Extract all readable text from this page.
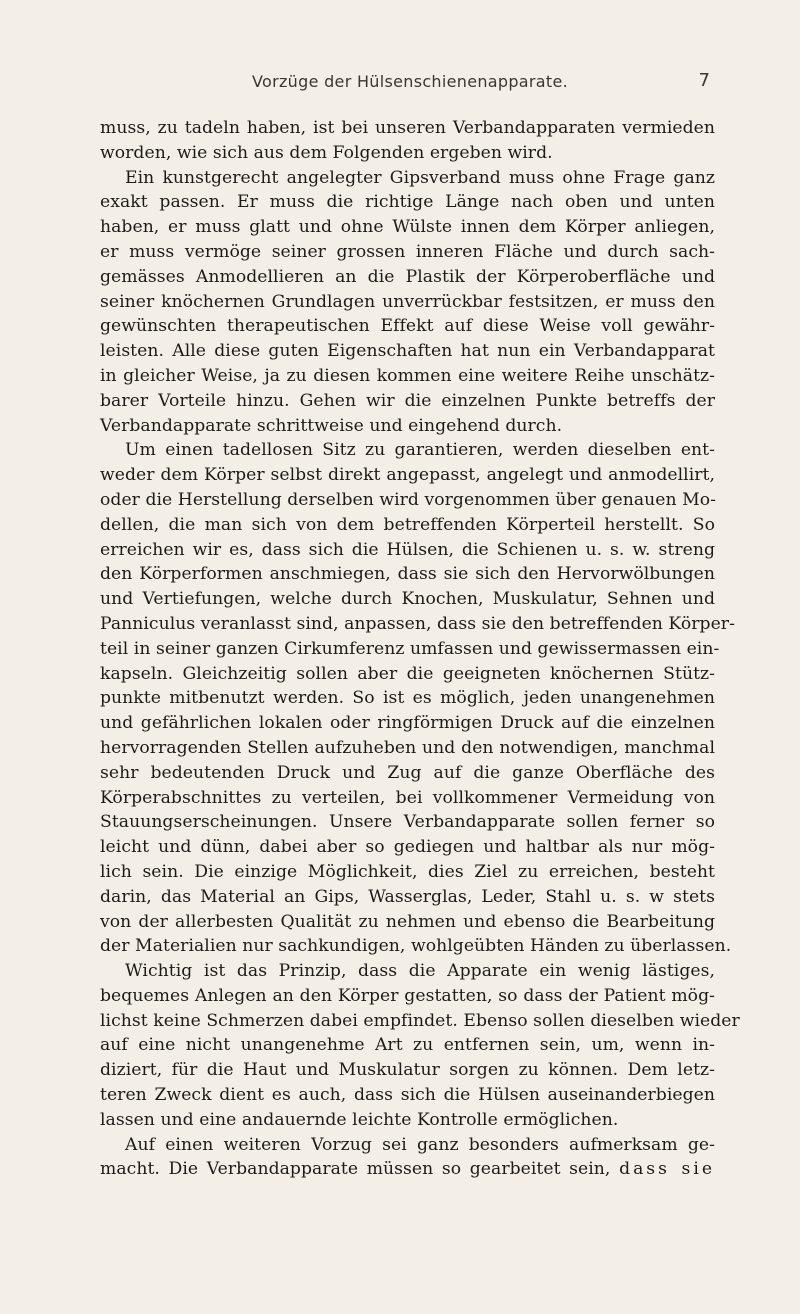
Vorzüge der Hülsenschienenapparate.	7
muss, zu tadeln haben, ist bei unseren Verbandapparaten vermieden
worden, wie sich aus dem Folgenden ergeben wird.
Ein kunstgerecht angelegter Gipsverband muss ohne Frage ganz
exakt passen. Er muss die richtige Länge nach oben und unten
haben, er muss glatt und ohne Wülste innen dem Körper anliegen,
er muss vermöge seiner grossen inneren Fläche und durch sach-
gemässes Anmodellieren an die Plastik der Körperoberfläche und
seiner knöchernen Grundlagen unverrückbar festsitzen, er muss den
gewünschten therapeutischen Effekt auf diese Weise voll gewähr-
leisten. Alle diese guten Eigenschaften hat nun ein Verbandapparat
in gleicher Weise, ja zu diesen kommen eine weitere Reihe unschätz-
barer Vorteile hinzu. Gehen wir die einzelnen Punkte betreffs der
Verbandapparate schrittweise und eingehend durch.
Um einen tadellosen Sitz zu garantieren, werden dieselben ent-
weder dem Körper selbst direkt angepasst, angelegt und anmodellirt,
oder die Herstellung derselben wird vorgenommen über genauen Mo-
dellen, die man sich von dem betreffenden Körperteil herstellt. So
erreichen wir es, dass sich die Hülsen, die Schienen u. s. w. streng
den Körperformen anschmiegen, dass sie sich den Hervorwölbungen
und Vertiefungen, welche durch Knochen, Muskulatur, Sehnen und
Panniculus veranlasst sind, anpassen, dass sie den betreffenden Körper-
teil in seiner ganzen Cirkumferenz umfassen und gewissermassen ein-
kapseln. Gleichzeitig sollen aber die geeigneten knöchernen Stütz-
punkte mitbenutzt werden. So ist es möglich, jeden unangenehmen
und gefährlichen lokalen oder ringförmigen Druck auf die einzelnen
hervorragenden Stellen aufzuheben und den notwendigen, manchmal
sehr bedeutenden Druck und Zug auf die ganze Oberfläche des
Körperabschnittes zu verteilen, bei vollkommener Vermeidung von
Stauungserscheinungen. Unsere Verbandapparate sollen ferner so
leicht und dünn, dabei aber so gediegen und haltbar als nur mög-
lich sein. Die einzige Möglichkeit, dies Ziel zu erreichen, besteht
darin, das Material an Gips, Wasserglas, Leder, Stahl u. s. w stets
von der allerbesten Qualität zu nehmen und ebenso die Bearbeitung
der Materialien nur sachkundigen, wohlgeübten Händen zu überlassen.
Wichtig ist das Prinzip, dass die Apparate ein wenig lästiges,
bequemes Anlegen an den Körper gestatten, so dass der Patient mög-
lichst keine Schmerzen dabei empfindet. Ebenso sollen dieselben wieder
auf eine nicht unangenehme Art zu entfernen sein, um, wenn in-
diziert, für die Haut und Muskulatur sorgen zu können. Dem letz-
teren Zweck dient es auch, dass sich die Hülsen auseinanderbiegen
lassen und eine andauernde leichte Kontrolle ermöglichen.
Auf einen weiteren Vorzug sei ganz besonders aufmerksam ge-
macht. Die Verbandapparate müssen so gearbeitet sein, dass sie
